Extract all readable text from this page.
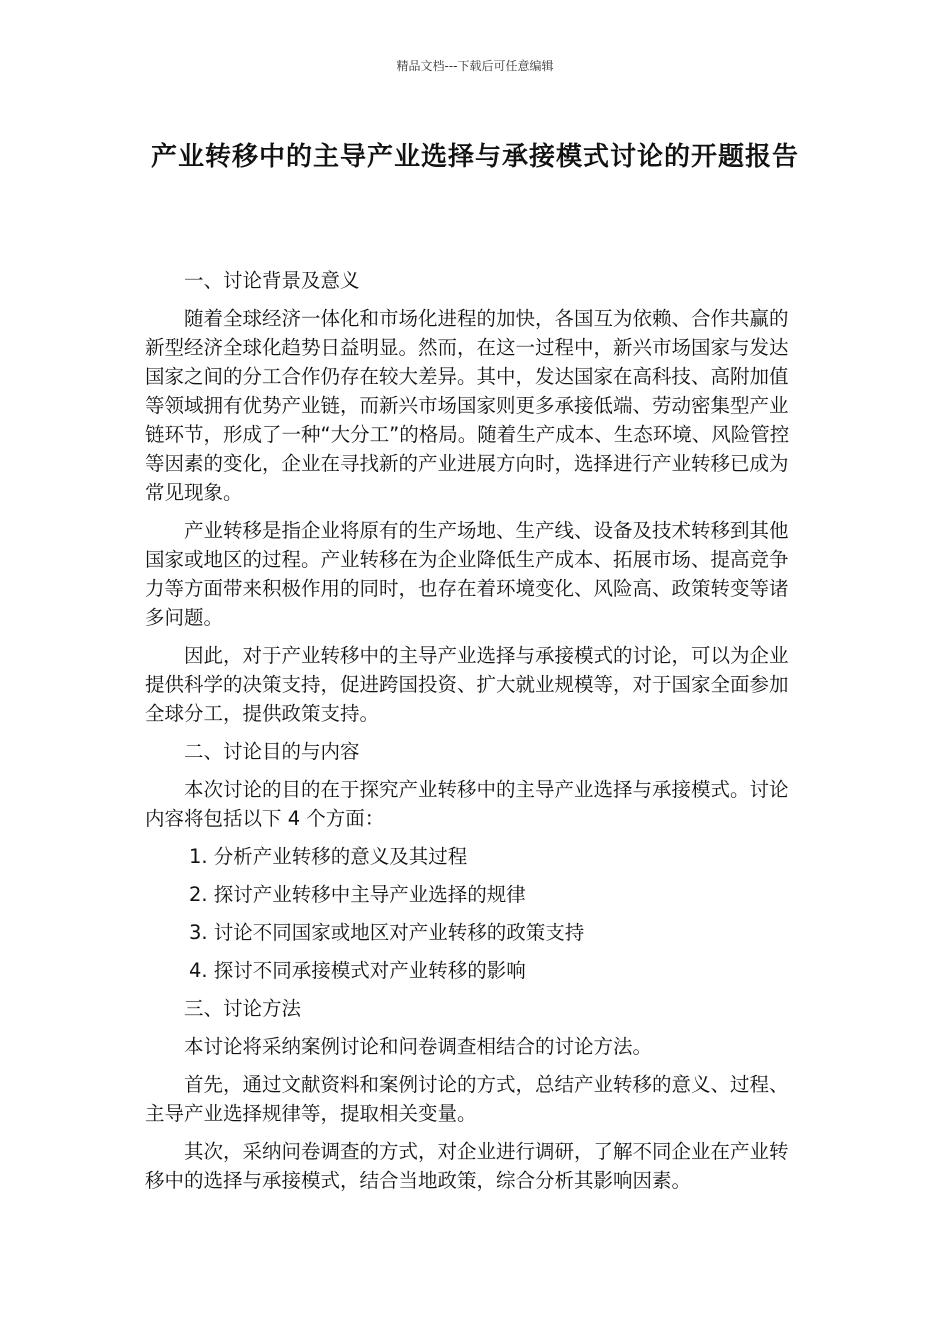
精品文档---下载后可任意编辑
产业转移中的主导产业选择与承接模式讨论的开题报告

一、讨论背景及意义

随着全球经济一体化和市场化进程的加快，各国互为依赖、合作共赢的新型经济全球化趋势日益明显。然而，在这一过程中，新兴市场国家与发达国家之间的分工合作仍存在较大差异。其中，发达国家在高科技、高附加值等领域拥有优势产业链，而新兴市场国家则更多承接低端、劳动密集型产业链环节，形成了一种“大分工”的格局。随着生产成本、生态环境、风险管控等因素的变化，企业在寻找新的产业进展方向时，选择进行产业转移已成为常见现象。

产业转移是指企业将原有的生产场地、生产线、设备及技术转移到其他国家或地区的过程。产业转移在为企业降低生产成本、拓展市场、提高竞争力等方面带来积极作用的同时，也存在着环境变化、风险高、政策转变等诸多问题。

因此，对于产业转移中的主导产业选择与承接模式的讨论，可以为企业提供科学的决策支持，促进跨国投资、扩大就业规模等，对于国家全面参加全球分工，提供政策支持。

二、讨论目的与内容

本次讨论的目的在于探究产业转移中的主导产业选择与承接模式。讨论内容将包括以下 4 个方面：

1. 分析产业转移的意义及其过程

2. 探讨产业转移中主导产业选择的规律

3. 讨论不同国家或地区对产业转移的政策支持

4. 探讨不同承接模式对产业转移的影响

三、讨论方法

本讨论将采纳案例讨论和问卷调查相结合的讨论方法。

首先，通过文献资料和案例讨论的方式，总结产业转移的意义、过程、主导产业选择规律等，提取相关变量。

其次，采纳问卷调查的方式，对企业进行调研，了解不同企业在产业转移中的选择与承接模式，结合当地政策，综合分析其影响因素。
